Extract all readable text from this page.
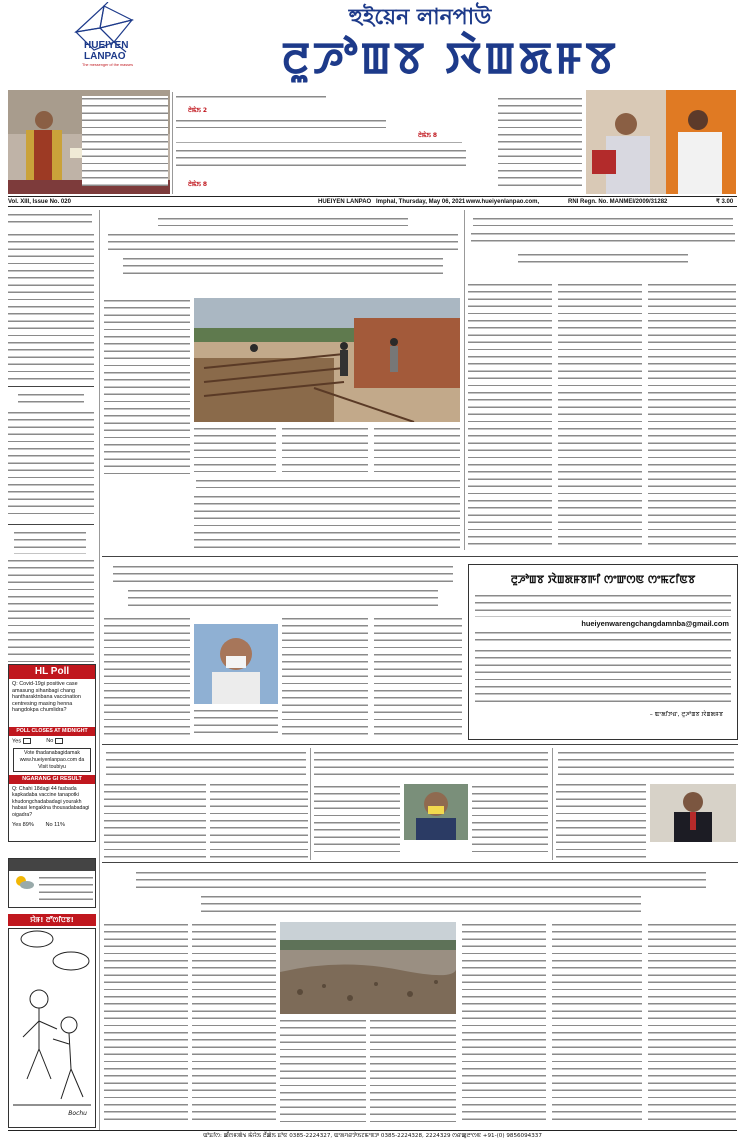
HUEIYEN
LANPAO
The messenger of the masses
হুইয়েন লানপাউ
ꯂꯨꯍꯣꯡꯕ ꯋꯥꯡꯗꯝꯕ
ꯂꯥꯃꯥꯏ 2
ꯂꯥꯃꯥꯏ 8
ꯂꯥꯃꯥꯏ 8
Vol. XIII, Issue No. 020	HUEIYEN LANPAO Imphal, Thursday, May 06, 2021 www.hueiyenlanpao.com,	RNI Regn. No. MANMEI/2009/31282	₹ 3.00
HL Poll
Q: Covid-19gi positive case amasung sihanbagi chang hantharaktnbana vaccination centresing masing henna hangdokpa chumlidra?
POLL CLOSES AT MIDNIGHT
Yes	No
Vote thadanabagidamak www.hueiyenlanpao.com da Visit toubiyu
NGARANG GI RESULT
Q: Chahi 18dagi 44 fasbada kapkadaba vaccine tanapotki khudongchadabadagi yourakh habasi lengaklna thousadabadagi oigadra?
Yes 89% No 11%
ꯌꯥꯝ! ꯂꯧꯁꯤꯅꯕ!
Bochu
ꯂꯨꯍꯣꯡꯕ ꯋꯥꯡꯗꯝꯕꯒꯤ ꯁꯦꯛꯁꯟ ꯁꯦꯃꯖꯤꯟꯕ
hueiyenwarengchangdamnba@gmail.com
– ꯑꯦꯗꯤꯇꯔ, ꯂꯨꯍꯣꯡꯕ ꯋꯥꯡꯗꯝꯕ
ꯑꯣꯐꯤꯁ: ꯀꯩꯁꯝꯄꯥꯠ ꯃꯥꯌꯥꯏ ꯂꯩꯀꯥꯏ ꯐꯣꯟ 0385-2224327, ꯑꯦꯗꯚꯔꯇꯥꯏꯖꯃꯦꯟꯇ 0385-2224328, 2224329 ꯁꯔꯀꯨꯂꯦꯁꯟ +91-(0) 9856094337
